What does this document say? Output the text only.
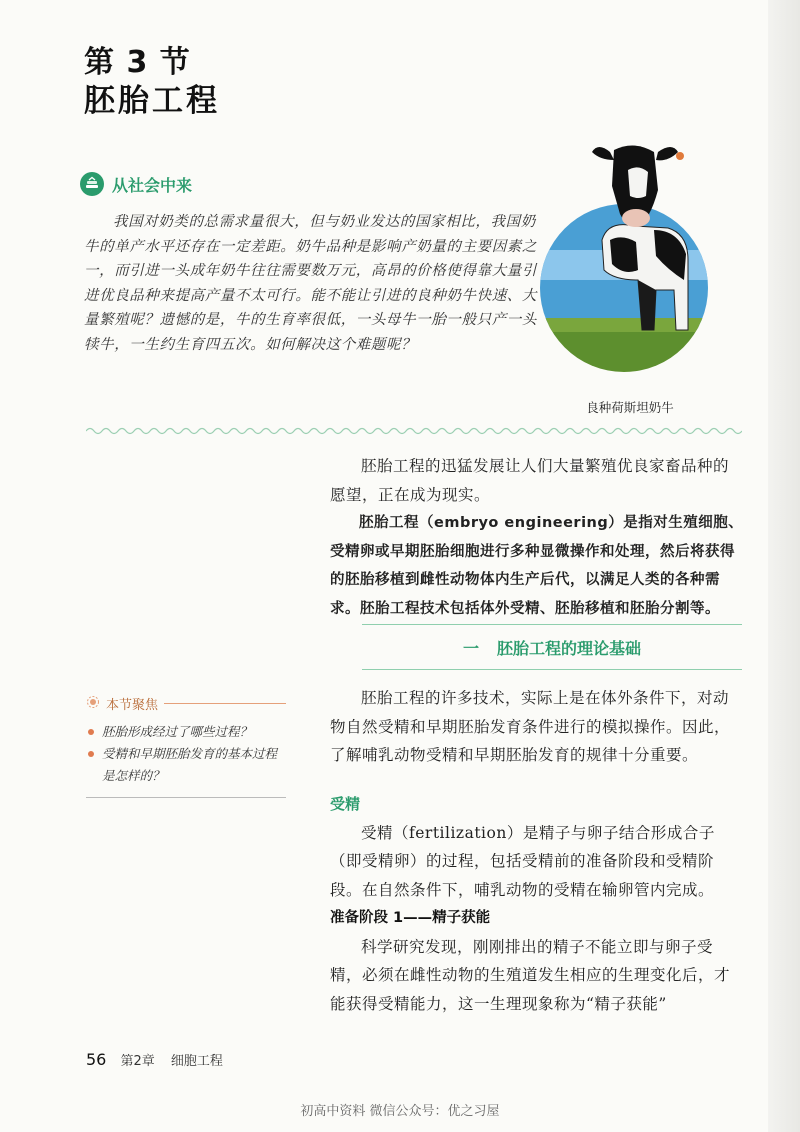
第 3 节
胚胎工程
从社会中来

我国对奶类的总需求量很大，但与奶业发达的国家相比，我国奶牛的单产水平还存在一定差距。奶牛品种是影响产奶量的主要因素之一，而引进一头成年奶牛往往需要数万元，高昂的价格使得靠大量引进优良品种来提高产量不太可行。能不能让引进的良种奶牛快速、大量繁殖呢？遗憾的是，牛的生育率很低，一头母牛一胎一般只产一头犊牛，一生约生育四五次。如何解决这个难题呢？

良种荷斯坦奶牛

胚胎工程的迅猛发展让人们大量繁殖优良家畜品种的愿望，正在成为现实。

胚胎工程（embryo engineering）是指对生殖细胞、受精卵或早期胚胎细胞进行多种显微操作和处理，然后将获得的胚胎移植到雌性动物体内生产后代，以满足人类的各种需求。胚胎工程技术包括体外受精、胚胎移植和胚胎分割等。

一 胚胎工程的理论基础
本节聚焦
胚胎形成经过了哪些过程？
受精和早期胚胎发育的基本过程是怎样的？

胚胎工程的许多技术，实际上是在体外条件下，对动物自然受精和早期胚胎发育条件进行的模拟操作。因此，了解哺乳动物受精和早期胚胎发育的规律十分重要。

受精

受精（fertilization）是精子与卵子结合形成合子（即受精卵）的过程，包括受精前的准备阶段和受精阶段。在自然条件下，哺乳动物的受精在输卵管内完成。

准备阶段 1——精子获能

科学研究发现，刚刚排出的精子不能立即与卵子受精，必须在雌性动物的生殖道发生相应的生理变化后，才能获得受精能力，这一生理现象称为“精子获能”

56 第2章 细胞工程
初高中资料 微信公众号：优之习屋
